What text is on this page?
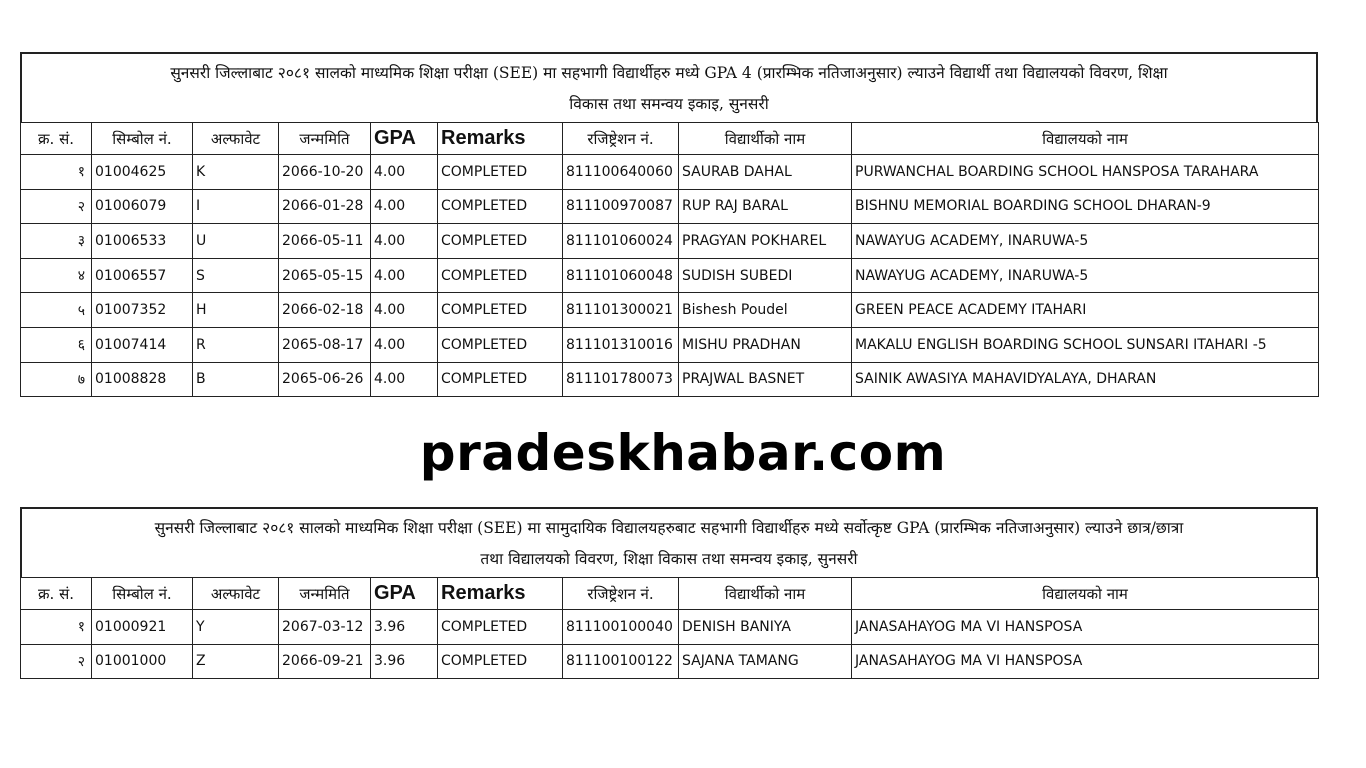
सुनसरी जिल्लाबाट २०८१ सालको माध्यमिक शिक्षा परीक्षा (SEE) मा सहभागी विद्यार्थीहरु मध्ये GPA 4 (प्रारम्भिक नतिजाअनुसार) ल्याउने विद्यार्थी तथा विद्यालयको विवरण, शिक्षा
विकास तथा समन्वय इकाइ, सुनसरी
क्र. सं.	सिम्बोल नं.	अल्फावेट	जन्ममिति	GPA	Remarks	रजिष्ट्रेशन नं.	विद्यार्थीको नाम	विद्यालयको नाम
१	01004625	K	2066-10-20	4.00	COMPLETED	811100640060	SAURAB DAHAL	PURWANCHAL BOARDING SCHOOL HANSPOSA TARAHARA
२	01006079	I	2066-01-28	4.00	COMPLETED	811100970087	RUP RAJ BARAL	BISHNU MEMORIAL BOARDING SCHOOL DHARAN-9
३	01006533	U	2066-05-11	4.00	COMPLETED	811101060024	PRAGYAN POKHAREL	NAWAYUG ACADEMY, INARUWA-5
४	01006557	S	2065-05-15	4.00	COMPLETED	811101060048	SUDISH SUBEDI	NAWAYUG ACADEMY, INARUWA-5
५	01007352	H	2066-02-18	4.00	COMPLETED	811101300021	Bishesh Poudel	GREEN PEACE ACADEMY ITAHARI
६	01007414	R	2065-08-17	4.00	COMPLETED	811101310016	MISHU PRADHAN	MAKALU ENGLISH BOARDING SCHOOL SUNSARI ITAHARI -5
७	01008828	B	2065-06-26	4.00	COMPLETED	811101780073	PRAJWAL BASNET	SAINIK AWASIYA MAHAVIDYALAYA, DHARAN
pradeskhabar.com
सुनसरी जिल्लाबाट २०८१ सालको माध्यमिक शिक्षा परीक्षा (SEE) मा सामुदायिक विद्यालयहरुबाट सहभागी विद्यार्थीहरु मध्ये सर्वोत्कृष्ट GPA (प्रारम्भिक नतिजाअनुसार) ल्याउने छात्र/छात्रा
तथा विद्यालयको विवरण, शिक्षा विकास तथा समन्वय इकाइ, सुनसरी
क्र. सं.	सिम्बोल नं.	अल्फावेट	जन्ममिति	GPA	Remarks	रजिष्ट्रेशन नं.	विद्यार्थीको नाम	विद्यालयको नाम
१	01000921	Y	2067-03-12	3.96	COMPLETED	811100100040	DENISH BANIYA	JANASAHAYOG MA VI HANSPOSA
२	01001000	Z	2066-09-21	3.96	COMPLETED	811100100122	SAJANA TAMANG	JANASAHAYOG MA VI HANSPOSA
